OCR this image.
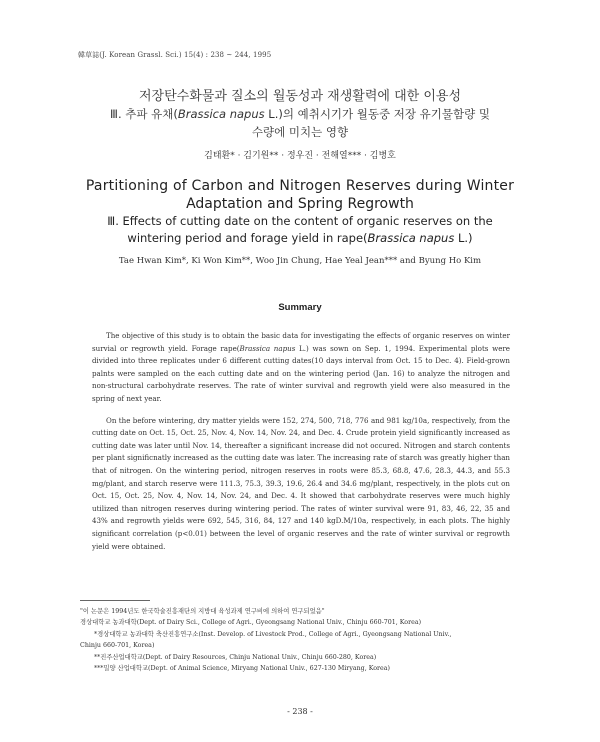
韓草誌(J. Korean Grassl. Sci.) 15(4) : 238 ~ 244, 1995
저장탄수화물과 질소의 월동성과 재생활력에 대한 이용성
Ⅲ. 추파 유채(Brassica napus L.)의 예취시기가 월동중 저장 유기물함량 및
수량에 미치는 영향
김태환* · 김기원** · 정우진 · 전해열*** · 김병호
Partitioning of Carbon and Nitrogen Reserves during Winter
Adaptation and Spring Regrowth
Ⅲ. Effects of cutting date on the content of organic reserves on the
wintering period and forage yield in rape(Brassica napus L.)
Tae Hwan Kim*, Ki Won Kim**, Woo Jin Chung, Hae Yeal Jean*** and Byung Ho Kim
Summary

The objective of this study is to obtain the basic data for investigating the effects of organic reserves on winter survial or regrowth yield. Forage rape(Brassica napus L.) was sown on Sep. 1, 1994. Experimental plots were divided into three replicates under 6 different cutting dates(10 days interval from Oct. 15 to Dec. 4). Field-grown palnts were sampled on the each cutting date and on the wintering period (Jan. 16) to analyze the nitrogen and non-structural carbohydrate reserves. The rate of winter survival and regrowth yield were also measured in the spring of next year.

On the before wintering, dry matter yields were 152, 274, 500, 718, 776 and 981 kg/10a, respectively, from the cutting date on Oct. 15, Oct. 25, Nov. 4, Nov. 14, Nov. 24, and Dec. 4. Crude protein yield significantly increased as cutting date was later until Nov. 14, thereafter a significant increase did not occured. Nitrogen and starch contents per plant significnatly increased as the cutting date was later. The increasing rate of starch was greatly higher than that of nitrogen. On the wintering period, nitrogen reserves in roots were 85.3, 68.8, 47.6, 28.3, 44.3, and 55.3 mg/plant, and starch reserve were 111.3, 75.3, 39.3, 19.6, 26.4 and 34.6 mg/plant, respectively, in the plots cut on Oct. 15, Oct. 25, Nov. 4, Nov. 14, Nov. 24, and Dec. 4. It showed that carbohydrate reserves were much highly utilized than nitrogen reserves during wintering period. The rates of winter survival were 91, 83, 46, 22, 35 and 43% and regrowth yields were 692, 545, 316, 84, 127 and 140 kgD.M/10a, respectively, in each plots. The highly significant correlation (p<0.01) between the level of organic reserves and the rate of winter survival or regrowth yield were obtained.

"이 논문은 1994년도 한국학술진흥재단의 지방대 육성과제 연구비에 의하여 연구되었음"
경상대학교 농과대학(Dept. of Dairy Sci., College of Agri., Gyeongsang National Univ., Chinju 660-701, Korea)
*경상대학교 농과대학 축산진흥연구소(Inst. Develop. of Livestock Prod., College of Agri., Gyeongsang National Univ.,
Chinju 660-701, Korea)
**진주산업대학교(Dept. of Dairy Resources, Chinju National Univ., Chinju 660-280, Korea)
***밀양 산업대학교(Dept. of Animal Science, Miryang National Univ., 627-130 Miryang, Korea)
- 238 -
